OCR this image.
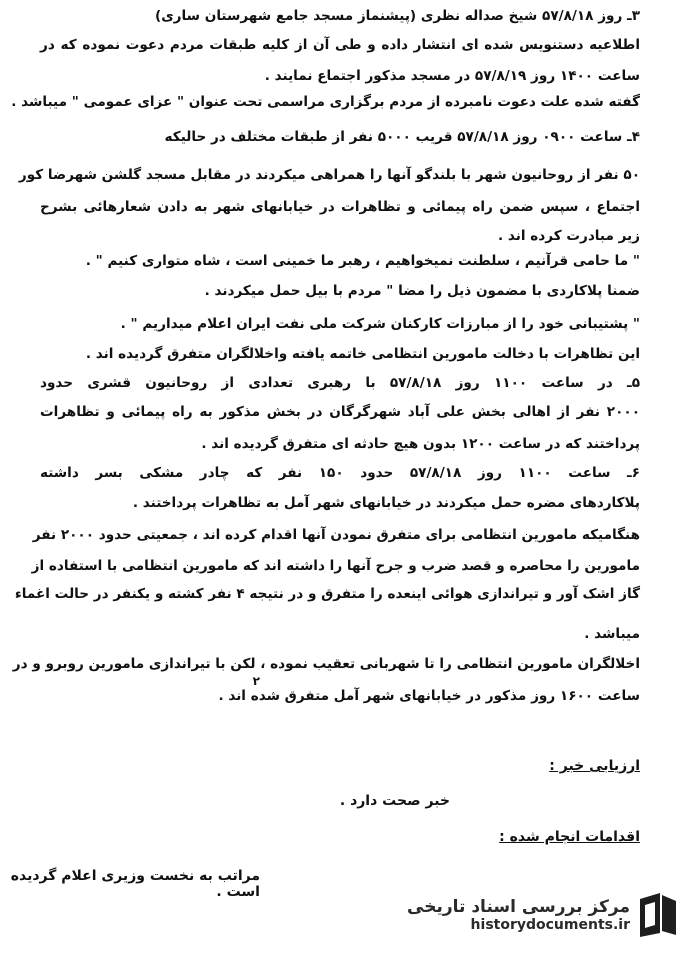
۳ـ روز ۵۷/۸/۱۸ شیخ صداله نظری (پیشنماز مسجد جامع شهرستان ساری)
اطلاعیه دستنویس شده ای انتشار داده و طی آن از کلیه طبقات مردم دعوت نموده که در
ساعت ۱۴۰۰ روز ۵۷/۸/۱۹ در مسجد مذکور اجتماع نمایند .
گفته شده علت دعوت نامبرده از مردم برگزاری مراسمی تحت عنوان " عزای عمومی " میباشد .
۴ـ ساعت ۰۹۰۰ روز ۵۷/۸/۱۸ قریب ۵۰۰۰ نفر از طبقات مختلف در حالیکه
۵۰ نفر از روحانیون شهر با بلندگو آنها را همراهی میکردند در مقابل مسجد گلشن شهرضا کور
اجتماع ، سپس ضمن راه پیمائی و تظاهرات در خیابانهای شهر به دادن شعارهائی بشرح
زیر مبادرت کرده اند .
" ما حامی قرآنیم ، سلطنت نمیخواهیم ، رهبر ما خمینی است ، شاه متواری کنیم " .
ضمنا پلاکاردی با مضمون ذیل را مضا " مردم با بیل حمل میکردند .
" پشتیبانی خود را از مبارزات کارکنان شرکت ملی نفت ایران اعلام میداریم " .
این تظاهرات با دخالت مامورین انتظامی خاتمه یافته واخلالگران متفرق گردیده اند .
۵ـ در ساعت ۱۱۰۰ روز ۵۷/۸/۱۸ با رهبری تعدادی از روحانیون قشری حدود
۲۰۰۰ نفر از اهالی بخش علی آباد شهرگرگان در بخش مذکور به راه پیمائی و تظاهرات
پرداختند که در ساعت ۱۲۰۰ بدون هیچ حادثه ای متفرق گردیده اند .
۶ـ ساعت ۱۱۰۰ روز ۵۷/۸/۱۸ حدود ۱۵۰ نفر که چادر مشکی بسر داشته
پلاکاردهای مضره حمل میکردند در خیابانهای شهر آمل به تظاهرات پرداختند .
هنگامیکه مامورین انتظامی برای متفرق نمودن آنها اقدام کرده اند ، جمعیتی حدود ۲۰۰۰ نفر
مامورین را محاصره و قصد ضرب و جرح آنها را داشته اند که مامورین انتظامی با استفاده از
گاز اشک آور و تیراندازی هوائی اینعده را متفرق و در نتیجه ۴ نفر کشته و یکنفر در حالت اغماء
میباشد .
اخلالگران مامورین انتظامی را تا شهربانی تعقیب نموده ، لکن با تیراندازی مامورین روبرو و در
ساعت ۱۶۰۰ روز مذکور در خیابانهای شهر آمل متفرق شده اند .
۲
ارزیابی خبر :
خبر صحت دارد .
اقدامات انجام شده :
مراتب به نخست وزیری اعلام گردیده است .
مرکز بررسی اسناد تاریخی
historydocuments.ir
